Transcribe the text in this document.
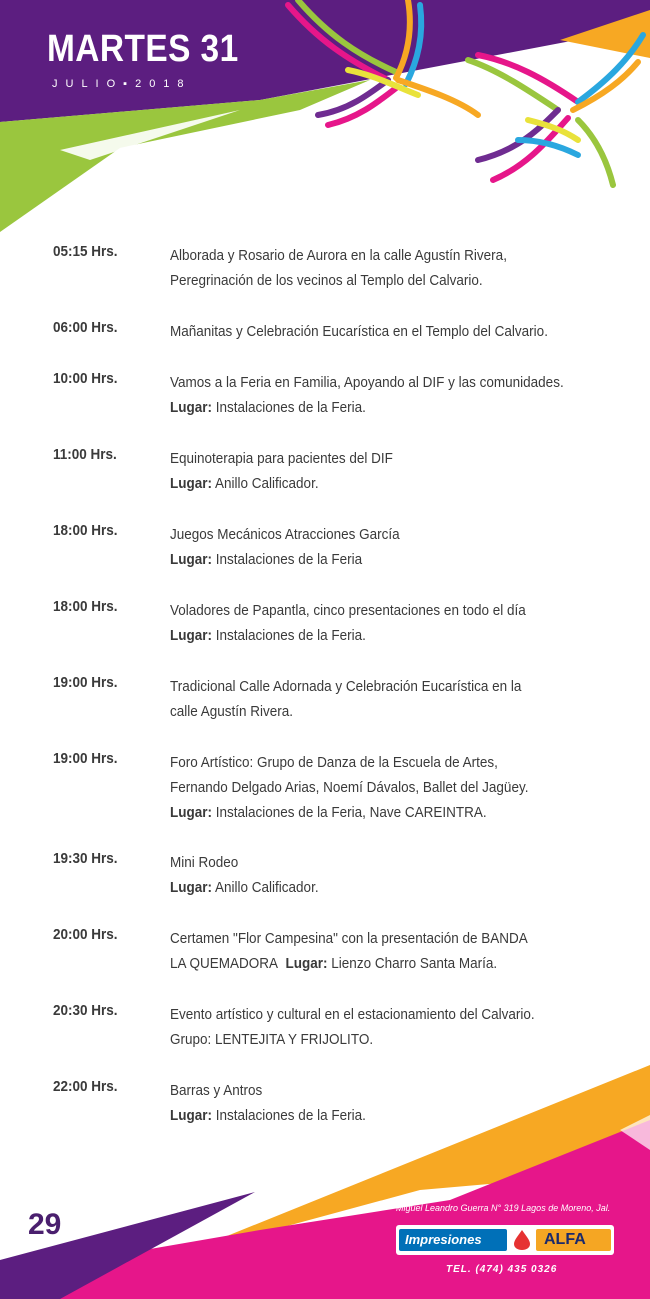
MARTES 31
JULIO▪2018
05:15 Hrs.	Alborada y Rosario de Aurora en la calle Agustín Rivera,
Peregrinación de los vecinos al Templo del Calvario.
06:00 Hrs.	Mañanitas y Celebración Eucarística en el Templo del Calvario.
10:00 Hrs.	Vamos a la Feria en Familia, Apoyando al DIF y las comunidades.
Lugar: Instalaciones de la Feria.
11:00 Hrs.	Equinoterapia para pacientes del DIF
Lugar: Anillo Calificador.
18:00 Hrs.	Juegos Mecánicos Atracciones García
Lugar: Instalaciones de la Feria
18:00 Hrs.	Voladores de Papantla, cinco presentaciones en todo el día
Lugar: Instalaciones de la Feria.
19:00 Hrs.	Tradicional Calle Adornada y Celebración Eucarística en la
calle Agustín Rivera.
19:00 Hrs.	Foro Artístico: Grupo de Danza de la Escuela de Artes,
Fernando Delgado Arias, Noemí Dávalos, Ballet del Jagüey.
Lugar: Instalaciones de la Feria, Nave CAREINTRA.
19:30 Hrs.	Mini Rodeo
Lugar: Anillo Calificador.
20:00 Hrs.	Certamen "Flor Campesina" con la presentación de BANDA
LA QUEMADORA Lugar: Lienzo Charro Santa María.
20:30 Hrs.	Evento artístico y cultural en el estacionamiento del Calvario.
Grupo: LENTEJITA Y FRIJOLITO.
22:00 Hrs.	Barras y Antros
Lugar: Instalaciones de la Feria.
29	Miguel Leandro Guerra N° 319 Lagos de Moreno, Jal.
Impresiones	ALFA
TEL. (474) 435 0326
